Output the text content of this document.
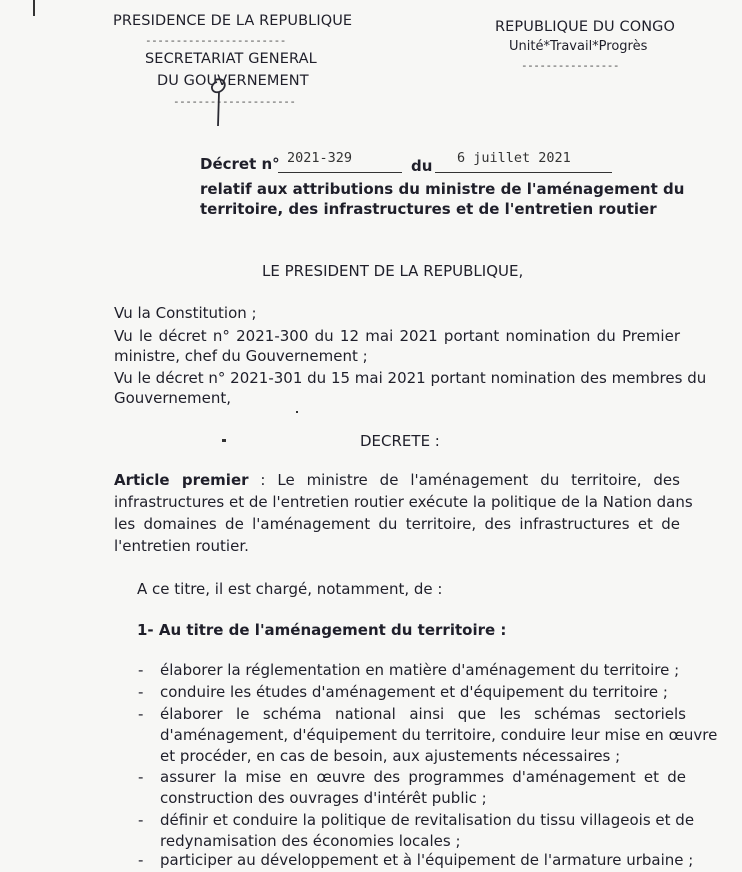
PRESIDENCE DE LA REPUBLIQUE
-----------------------
SECRETARIAT GENERAL
DU GOUVERNEMENT
--------------------
REPUBLIQUE DU CONGO
Unité*Travail*Progrès
----------------
Décret n° 2021-329	du 6 juillet 2021
relatif aux attributions du ministre de l'aménagement du
territoire, des infrastructures et de l'entretien routier
LE PRESIDENT DE LA REPUBLIQUE,
Vu la Constitution ;
Vu le décret n° 2021-300 du 12 mai 2021 portant nomination du Premier
ministre, chef du Gouvernement ;
Vu le décret n° 2021-301 du 15 mai 2021 portant nomination des membres du
Gouvernement,
DECRETE :
Article premier : Le ministre de l'aménagement du territoire, des
infrastructures et de l'entretien routier exécute la politique de la Nation dans
les domaines de l'aménagement du territoire, des infrastructures et de
l'entretien routier.
A ce titre, il est chargé, notamment, de :
1- Au titre de l'aménagement du territoire :
- élaborer la réglementation en matière d'aménagement du territoire ;
- conduire les études d'aménagement et d'équipement du territoire ;
- élaborer le schéma national ainsi que les schémas sectoriels
d'aménagement, d'équipement du territoire, conduire leur mise en œuvre
et procéder, en cas de besoin, aux ajustements nécessaires ;
- assurer la mise en œuvre des programmes d'aménagement et de
construction des ouvrages d'intérêt public ;
- définir et conduire la politique de revitalisation du tissu villageois et de
redynamisation des économies locales ;
- participer au développement et à l'équipement de l'armature urbaine ;
